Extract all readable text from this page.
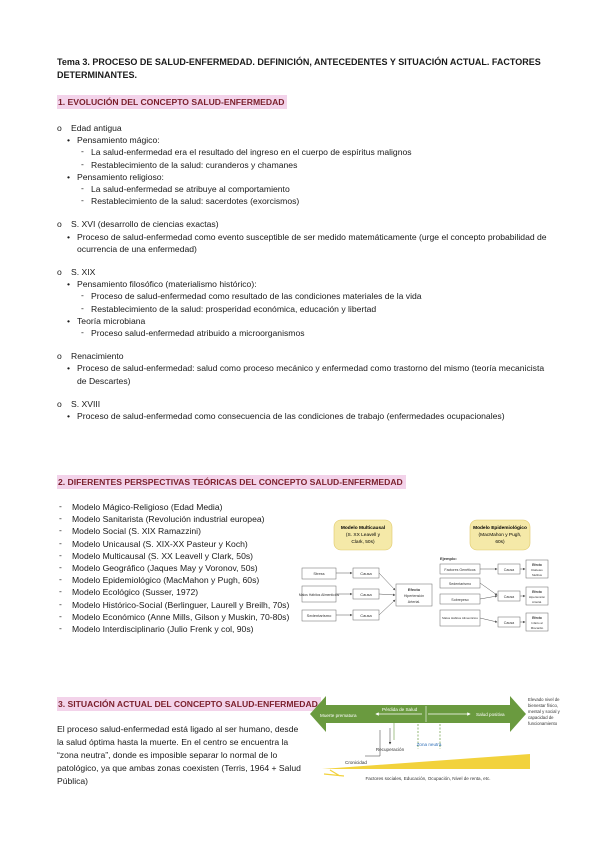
Tema 3. PROCESO DE SALUD-ENFERMEDAD. DEFINICIÓN, ANTECEDENTES Y SITUACIÓN ACTUAL. FACTORES DETERMINANTES.
1. EVOLUCIÓN DEL CONCEPTO SALUD-ENFERMEDAD
o Edad antigua
• Pensamiento mágico:
‐ La salud-enfermedad era el resultado del ingreso en el cuerpo de espíritus malignos
‐ Restablecimiento de la salud: curanderos y chamanes
• Pensamiento religioso:
‐ La salud-enfermedad se atribuye al comportamiento
‐ Restablecimiento de la salud: sacerdotes (exorcismos)
o S. XVI (desarrollo de ciencias exactas)
• Proceso de salud-enfermedad como evento susceptible de ser medido matemáticamente (urge el concepto probabilidad de ocurrencia de una enfermedad)
o S. XIX
• Pensamiento filosófico (materialismo histórico):
‐ Proceso de salud-enfermedad como resultado de las condiciones materiales de la vida
‐ Restablecimiento de la salud: prosperidad económica, educación y libertad
• Teoría microbiana
‐ Proceso salud-enfermedad atribuido a microorganismos
o Renacimiento
• Proceso de salud-enfermedad: salud como proceso mecánico y enfermedad como trastorno del mismo (teoría mecanicista de Descartes)
o S. XVIII
• Proceso de salud-enfermedad como consecuencia de las condiciones de trabajo (enfermedades ocupacionales)
2. DIFERENTES PERSPECTIVAS TEÓRICAS DEL CONCEPTO SALUD-ENFERMEDAD
‐ Modelo Mágico-Religioso (Edad Media)
‐ Modelo Sanitarista (Revolución industrial europea)
‐ Modelo Social (S. XIX Ramazzini)
‐ Modelo Unicausal (S. XIX-XX Pasteur y Koch)
‐ Modelo Multicausal (S. XX Leavell y Clark, 50s)
‐ Modelo Geográfico (Jaques May y Voronov, 50s)
‐ Modelo Epidemiológico (MacMahon y Pugh, 60s)
‐ Modelo Ecológico (Susser, 1972)
‐ Modelo Histórico-Social (Berlinguer, Laurell y Breilh, 70s)
‐ Modelo Económico (Anne Mills, Gilson y Muskin, 70-80s)
‐ Modelo Interdisciplinario (Julio Frenk y col, 90s)
Modelo Multicausal
(S. XX Leavell y
Clark, 50s)
Modelo Epidemiológico
(MacMahon y Pugh,
60s)
Stress
Malos Hábitos Alimenticios
Sedentarismo
Causa
Causa
Causa
Efecto
Hipertensión
Arterial.
Ejemplo:
Factores Genéticos
Sedentarismo
Sobrepeso
Malos Hábitos Alimenticios
Causa
Causa
Causa
Efecto
Diabetes
Mellitus
Efecto
Hipertensión
Arterial.
Efecto
Infarto al
Miocardio
3. SITUACIÓN ACTUAL DEL CONCEPTO SALUD-ENFERMEDAD
El proceso salud-enfermedad está ligado al ser humano, desde la salud óptima hasta la muerte. En el centro se encuentra la “zona neutra”, donde es imposible separar lo normal de lo patológico, ya que ambas zonas coexisten (Terris, 1964 + Salud Pública)
Elevado nivel de
bienestar físico,
mental y social y
capacidad de
funcionamiento
Muerte prematura
Pérdida de Salud
Salud positiva
Recuperación
Cronicidad
Zona neutra
Factores sociales, Educación, Ocupación, Nivel de renta, etc.
